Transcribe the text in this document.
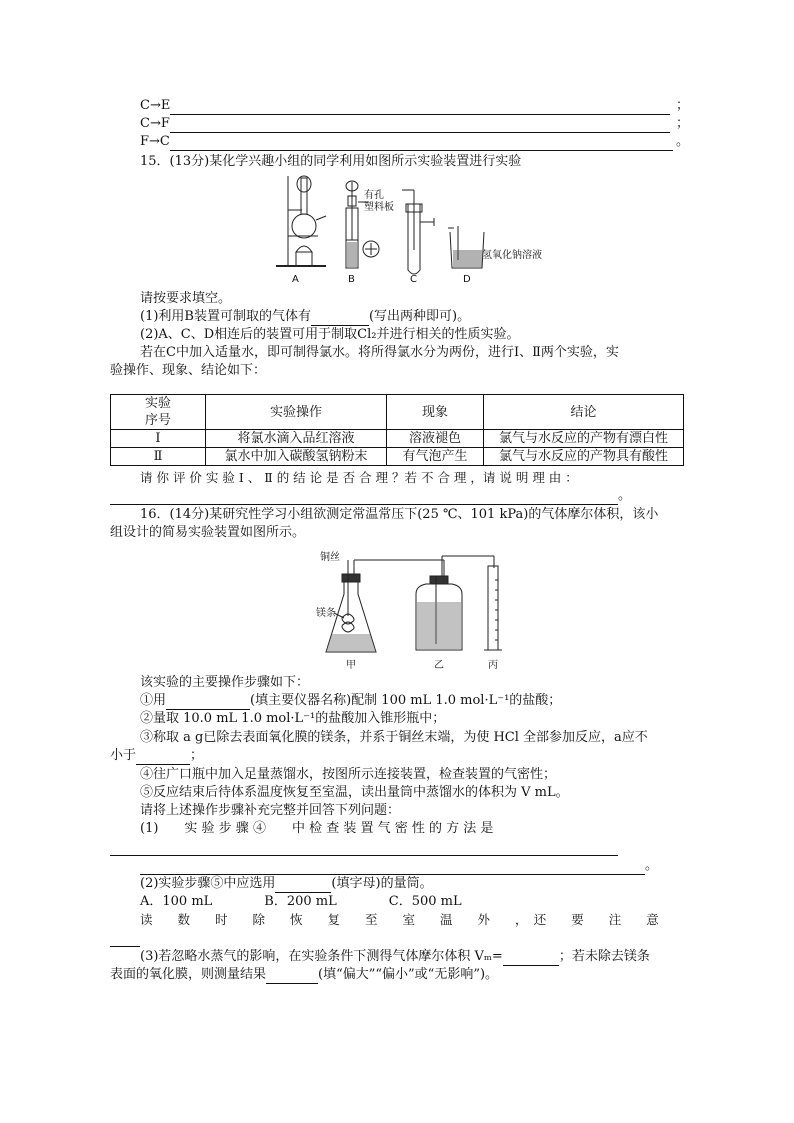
C→E	；
C→F	；
F→C	。
15．(13分)某化学兴趣小组的同学利用如图所示实验装置进行实验
有孔
塑料板
氢氧化钠溶液
A	B	C	D
请按要求填空。
(1)利用B装置可制取的气体有	(写出两种即可)。
(2)A、C、D相连后的装置可用于制取Cl₂并进行相关的性质实验。
若在C中加入适量水，即可制得氯水。将所得氯水分为两份，进行Ⅰ、Ⅱ两个实验，实
验操作、现象、结论如下：
实验
序号	实验操作	现象	结论
Ⅰ	将氯水滴入品红溶液	溶液褪色	氯气与水反应的产物有漂白性
Ⅱ	氯水中加入碳酸氢钠粉末	有气泡产生	氯气与水反应的产物具有酸性
请 你 评 价 实 验 Ⅰ 、 Ⅱ 的 结 论 是 否 合 理 ？若 不 合 理 ，请 说 明 理 由 ：
。
16．(14分)某研究性学习小组欲测定常温常压下(25 ℃、101 kPa)的气体摩尔体积，该小
组设计的简易实验装置如图所示。
铜丝
镁条
甲	乙	丙
该实验的主要操作步骤如下：
①用	(填主要仪器名称)配制 100 mL 1.0 mol·L⁻¹的盐酸；
②量取 10.0 mL 1.0 mol·L⁻¹的盐酸加入锥形瓶中；
③称取 a g已除去表面氧化膜的镁条，并系于铜丝末端，为使 HCl 全部参加反应，a应不
小于	；
④往广口瓶中加入足量蒸馏水，按图所示连接装置，检查装置的气密性；
⑤反应结束后待体系温度恢复至室温，读出量筒中蒸馏水的体积为 V mL。
请将上述操作步骤补充完整并回答下列问题：
(1)　　实 验 步 骤 ④　　中 检 查 装 置 气 密 性 的 方 法 是
。
(2)实验步骤⑤中应选用	(填字母)的量筒。
A．100 mL　　　　B．200 mL　　　　C．500 mL
读　　数　　时　　除　　恢　　复　　至　　室　　温　　外　　，　还　　要　　注　　意
(3)若忽略水蒸气的影响，在实验条件下测得气体摩尔体积 Vₘ=	；若未除去镁条
表面的氧化膜，则测量结果	(填“偏大”“偏小”或“无影响”)。
